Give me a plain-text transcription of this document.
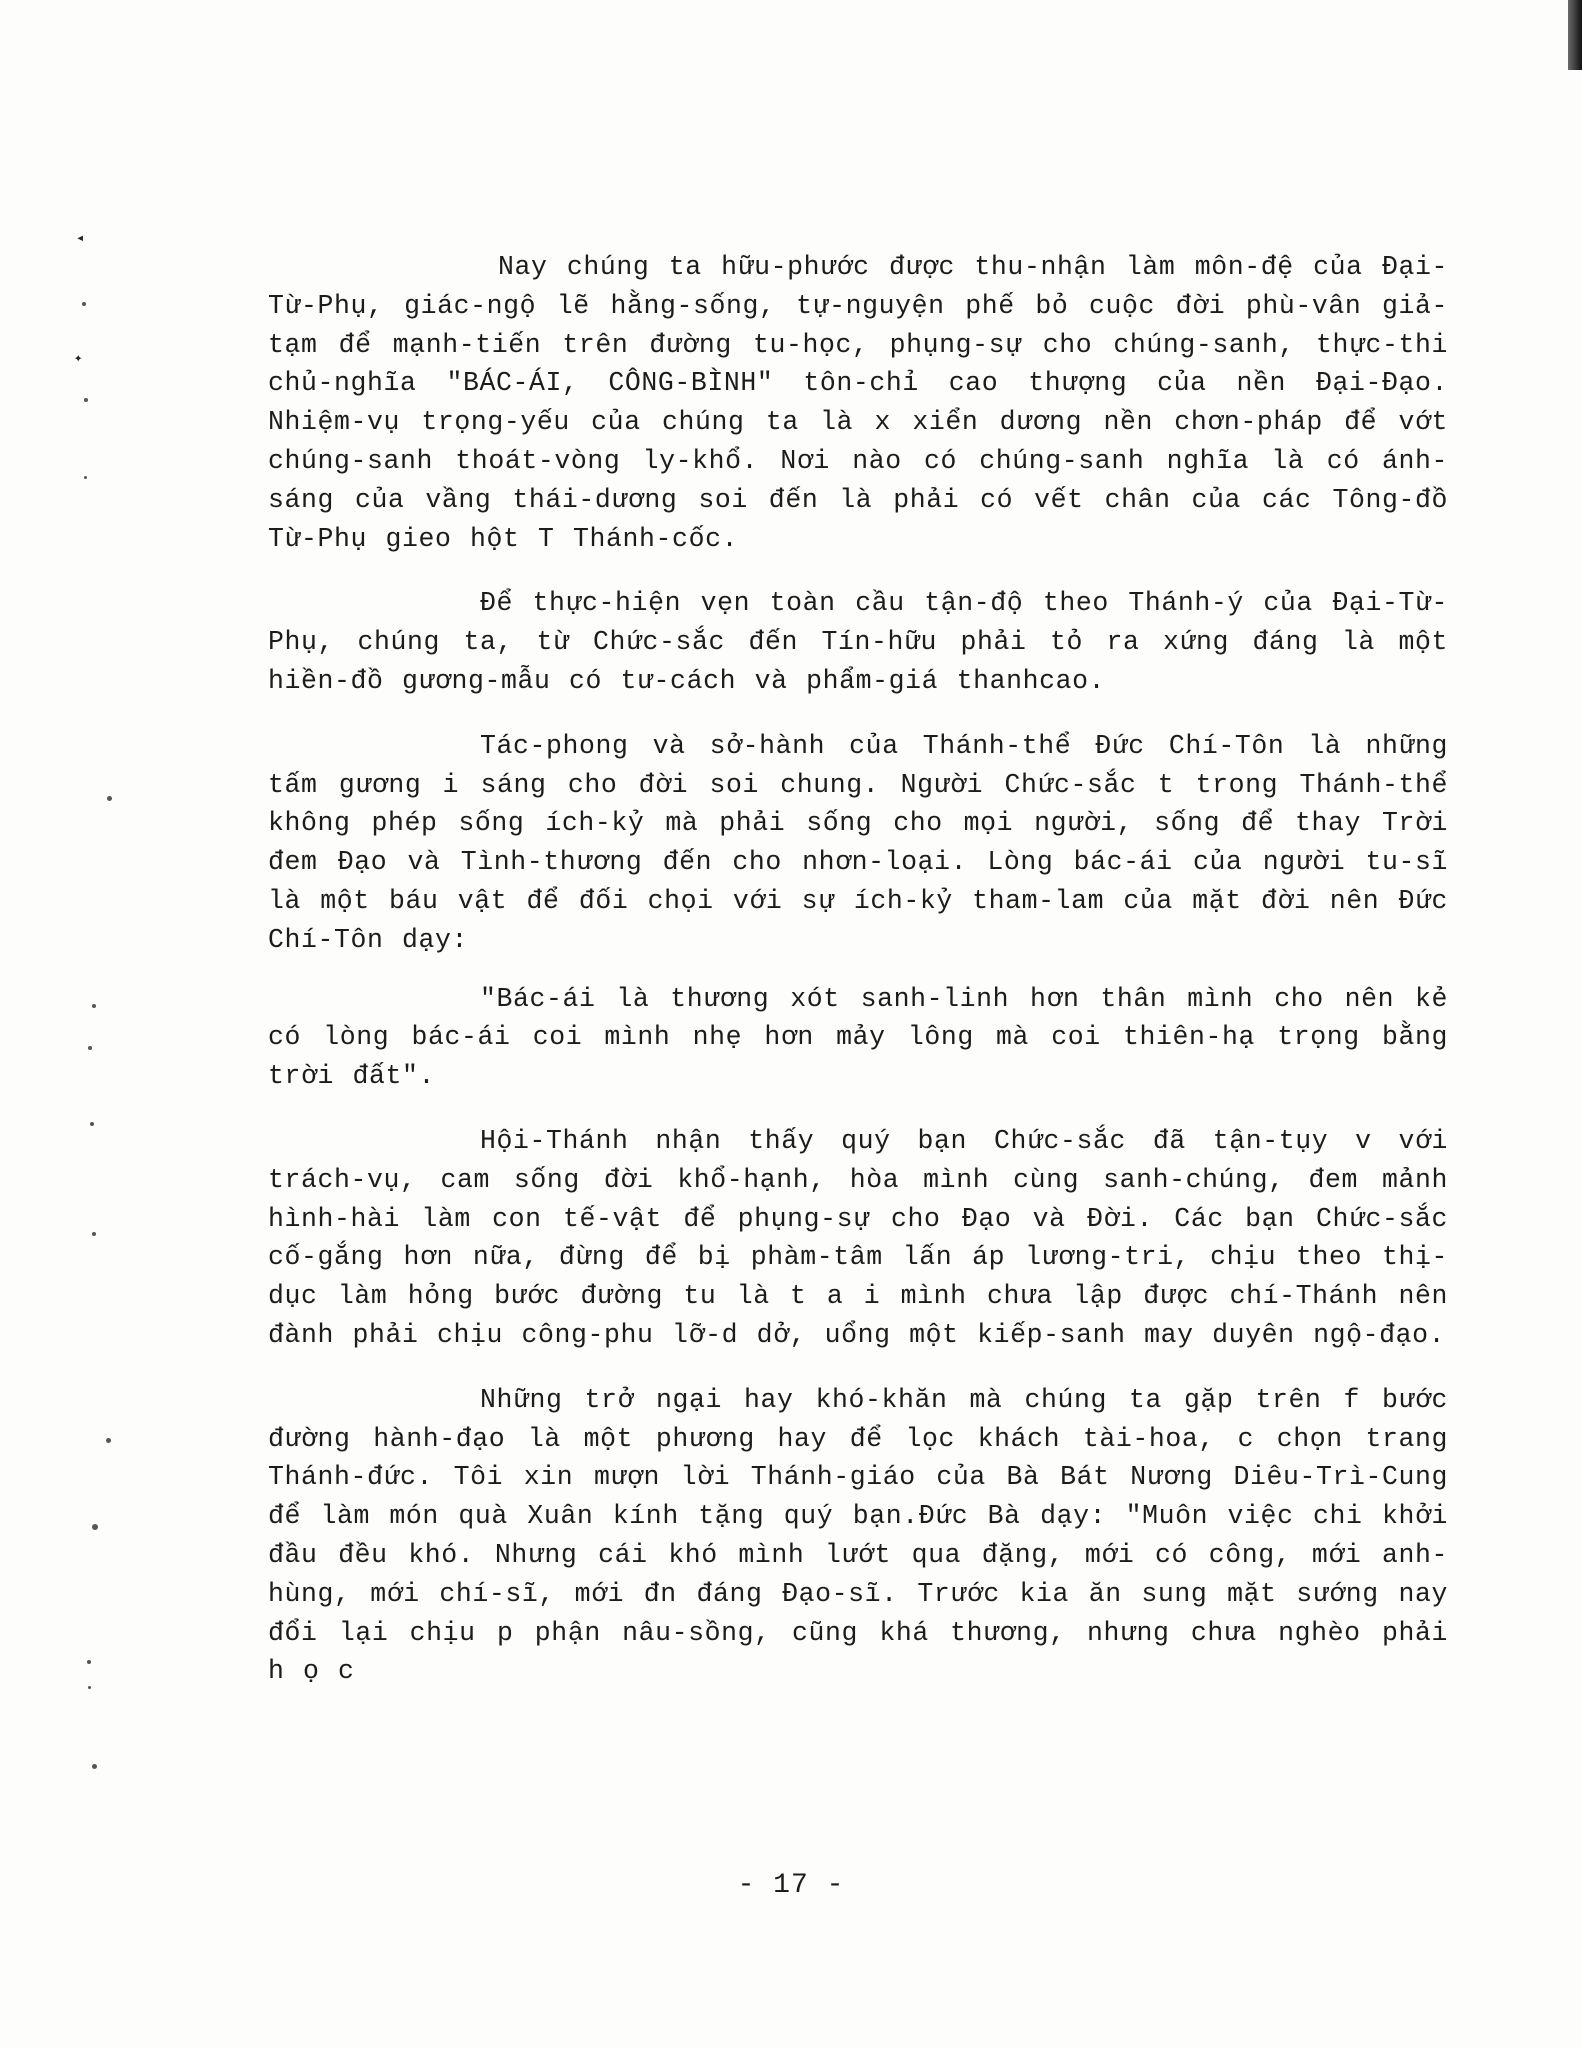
◂
✦

Nay chúng ta hữu-phước được thu-nhận làm môn-đệ của Đại-Từ-Phụ, giác-ngộ lẽ hằng-sống, tự-nguyện phế bỏ cuộc đời phù-vân giả-tạm để mạnh-tiến trên đường tu-học, phụng-sự cho chúng-sanh, thực-thi chủ-nghĩa "BÁC-ÁI, CÔNG-BÌNH" tôn-chỉ cao thượng của nền Đại-Đạo. Nhiệm-vụ trọng-yếu của chúng ta là x xiển dương nền chơn-pháp để vớt chúng-sanh thoát-vòng ly-khổ. Nơi nào có chúng-sanh nghĩa là có ánh-sáng của vầng thái-dương soi đến là phải có vết chân của các Tông-đồ Từ-Phụ gieo hột T Thánh-cốc.

Để thực-hiện vẹn toàn cầu tận-độ theo Thánh-ý của Đại-Từ-Phụ, chúng ta, từ Chức-sắc đến Tín-hữu phải tỏ ra xứng đáng là một hiền-đồ gương-mẫu có tư-cách và phẩm-giá thanhcao.

Tác-phong và sở-hành của Thánh-thể Đức Chí-Tôn là những tấm gương i sáng cho đời soi chung. Người Chức-sắc t trong Thánh-thể không phép sống ích-kỷ mà phải sống cho mọi người, sống để thay Trời đem Đạo và Tình-thương đến cho nhơn-loại. Lòng bác-ái của người tu-sĩ là một báu vật để đối chọi với sự ích-kỷ tham-lam của mặt đời nên Đức Chí-Tôn dạy:

"Bác-ái là thương xót sanh-linh hơn thân mình cho nên kẻ có lòng bác-ái coi mình nhẹ hơn mảy lông mà coi thiên-hạ trọng bằng trời đất".

Hội-Thánh nhận thấy quý bạn Chức-sắc đã tận-tụy v với trách-vụ, cam sống đời khổ-hạnh, hòa mình cùng sanh-chúng, đem mảnh hình-hài làm con tế-vật để phụng-sự cho Đạo và Đời. Các bạn Chức-sắc cố-gắng hơn nữa, đừng để bị phàm-tâm lấn áp lương-tri, chịu theo thị-dục làm hỏng bước đường tu là t a i mình chưa lập được chí-Thánh nên đành phải chịu công-phu lỡ-d dở, uổng một kiếp-sanh may duyên ngộ-đạo.

Những trở ngại hay khó-khăn mà chúng ta gặp trên f bước đường hành-đạo là một phương hay để lọc khách tài-hoa, c chọn trang Thánh-đức. Tôi xin mượn lời Thánh-giáo của Bà Bát Nương Diêu-Trì-Cung để làm món quà Xuân kính tặng quý bạn.Đức Bà dạy: "Muôn việc chi khởi đầu đều khó. Nhưng cái khó mình lướt qua đặng, mới có công, mới anh-hùng, mới chí-sĩ, mới đn đáng Đạo-sĩ. Trước kia ăn sung mặt sướng nay đổi lại chịu p phận nâu-sồng, cũng khá thương, nhưng chưa nghèo phải h ọ c

- 17 -
